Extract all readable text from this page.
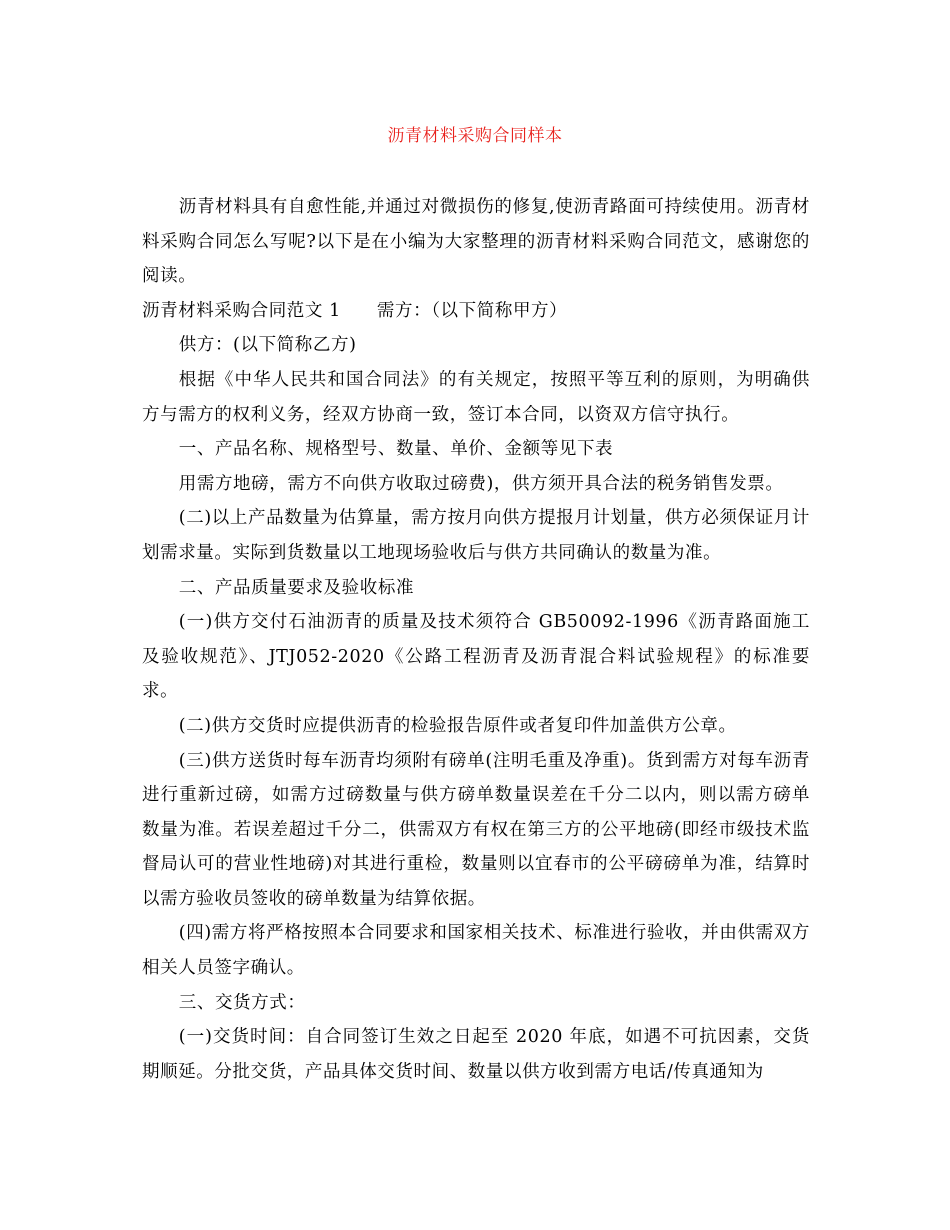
沥青材料采购合同样本

沥青材料具有自愈性能,并通过对微损伤的修复,使沥青路面可持续使用。沥青材料采购合同怎么写呢?以下是在小编为大家整理的沥青材料采购合同范文，感谢您的阅读。

沥青材料采购合同范文 1 需方：（以下简称甲方）

供方：(以下简称乙方)

根据《中华人民共和国合同法》的有关规定，按照平等互利的原则，为明确供方与需方的权利义务，经双方协商一致，签订本合同，以资双方信守执行。

一、产品名称、规格型号、数量、单价、金额等见下表

用需方地磅，需方不向供方收取过磅费)，供方须开具合法的税务销售发票。

(二)以上产品数量为估算量，需方按月向供方提报月计划量，供方必须保证月计划需求量。实际到货数量以工地现场验收后与供方共同确认的数量为准。

二、产品质量要求及验收标准

(一)供方交付石油沥青的质量及技术须符合 GB50092-1996《沥青路面施工及验收规范》、JTJ052-2020《公路工程沥青及沥青混合料试验规程》的标准要求。

(二)供方交货时应提供沥青的检验报告原件或者复印件加盖供方公章。

(三)供方送货时每车沥青均须附有磅单(注明毛重及净重)。货到需方对每车沥青进行重新过磅，如需方过磅数量与供方磅单数量误差在千分二以内，则以需方磅单数量为准。若误差超过千分二，供需双方有权在第三方的公平地磅(即经市级技术监督局认可的营业性地磅)对其进行重检，数量则以宜春市的公平磅磅单为准，结算时以需方验收员签收的磅单数量为结算依据。

(四)需方将严格按照本合同要求和国家相关技术、标准进行验收，并由供需双方相关人员签字确认。

三、交货方式：

(一)交货时间：自合同签订生效之日起至 2020 年底，如遇不可抗因素，交货期顺延。分批交货，产品具体交货时间、数量以供方收到需方电话/传真通知为
